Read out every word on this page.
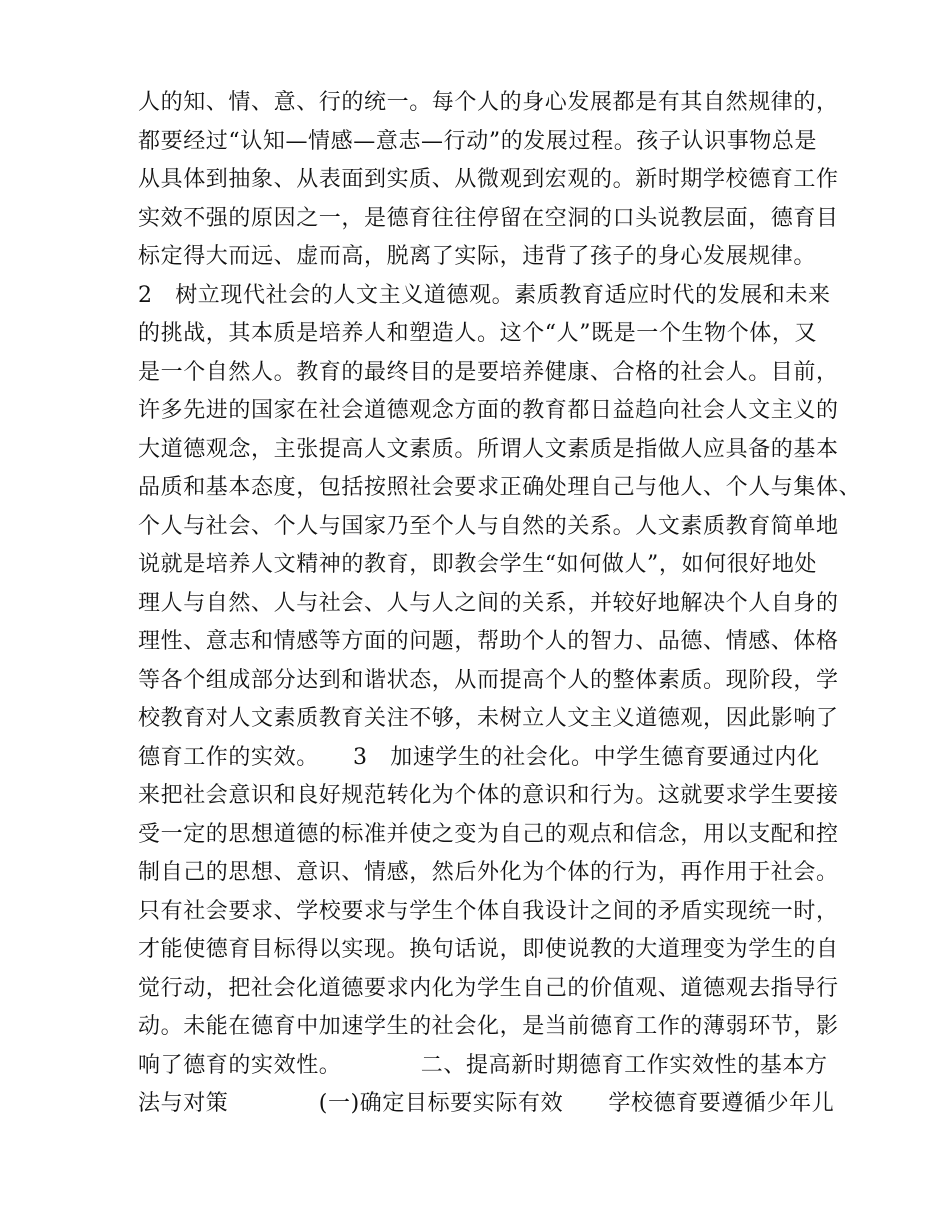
人的知、情、意、行的统一。每个人的身心发展都是有其自然规律的，
都要经过“认知—情感—意志—行动”的发展过程。孩子认识事物总是
从具体到抽象、从表面到实质、从微观到宏观的。新时期学校德育工作
实效不强的原因之一，是德育往往停留在空洞的口头说教层面，德育目
标定得大而远、虚而高，脱离了实际，违背了孩子的身心发展规律。
2　树立现代社会的人文主义道德观。素质教育适应时代的发展和未来
的挑战，其本质是培养人和塑造人。这个“人”既是一个生物个体，又
是一个自然人。教育的最终目的是要培养健康、合格的社会人。目前，
许多先进的国家在社会道德观念方面的教育都日益趋向社会人文主义的
大道德观念，主张提高人文素质。所谓人文素质是指做人应具备的基本
品质和基本态度，包括按照社会要求正确处理自己与他人、个人与集体、
个人与社会、个人与国家乃至个人与自然的关系。人文素质教育简单地
说就是培养人文精神的教育，即教会学生“如何做人”，如何很好地处
理人与自然、人与社会、人与人之间的关系，并较好地解决个人自身的
理性、意志和情感等方面的问题，帮助个人的智力、品德、情感、体格
等各个组成部分达到和谐状态，从而提高个人的整体素质。现阶段，学
校教育对人文素质教育关注不够，未树立人文主义道德观，因此影响了
德育工作的实效。　　3　加速学生的社会化。中学生德育要通过内化
来把社会意识和良好规范转化为个体的意识和行为。这就要求学生要接
受一定的思想道德的标准并使之变为自己的观点和信念，用以支配和控
制自己的思想、意识、情感，然后外化为个体的行为，再作用于社会。
只有社会要求、学校要求与学生个体自我设计之间的矛盾实现统一时，
才能使德育目标得以实现。换句话说，即使说教的大道理变为学生的自
觉行动，把社会化道德要求内化为学生自己的价值观、道德观去指导行
动。未能在德育中加速学生的社会化，是当前德育工作的薄弱环节，影
响了德育的实效性。　　　　二、提高新时期德育工作实效性的基本方
法与对策　　　　(一)确定目标要实际有效　　学校德育要遵循少年儿
